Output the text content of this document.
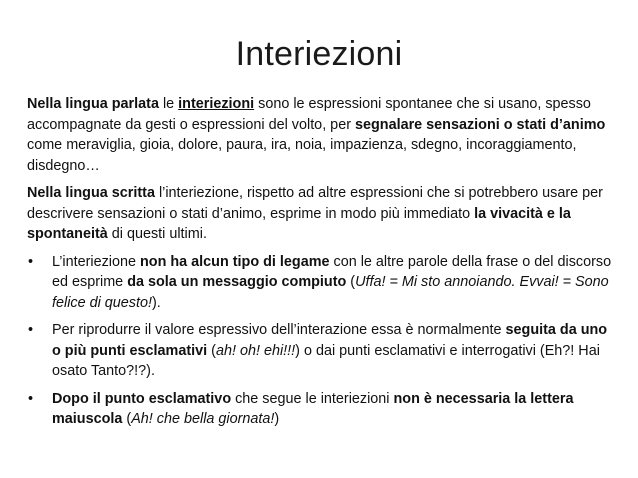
Interiezioni

Nella lingua parlata le interiezioni sono le espressioni spontanee che si usano, spesso accompagnate da gesti o espressioni del volto, per segnalare sensazioni o stati d’animo come meraviglia, gioia, dolore, paura, ira, noia, impazienza, sdegno, incoraggiamento, disdegno…

Nella lingua scritta l’interiezione, rispetto ad altre espressioni che si potrebbero usare per descrivere sensazioni o stati d’animo, esprime in modo più immediato la vivacità e la spontaneità di questi ultimi.

• L’interiezione non ha alcun tipo di legame con le altre parole della frase o del discorso ed esprime da sola un messaggio compiuto (Uffa! = Mi sto annoiando. Evvai! = Sono felice di questo!).
• Per riprodurre il valore espressivo dell’interazione essa è normalmente seguita da uno o più punti esclamativi (ah! oh! ehi!!!) o dai punti esclamativi e interrogativi (Eh?! Hai osato Tanto?!?).
• Dopo il punto esclamativo che segue le interiezioni non è necessaria la lettera maiuscola (Ah! che bella giornata!)
